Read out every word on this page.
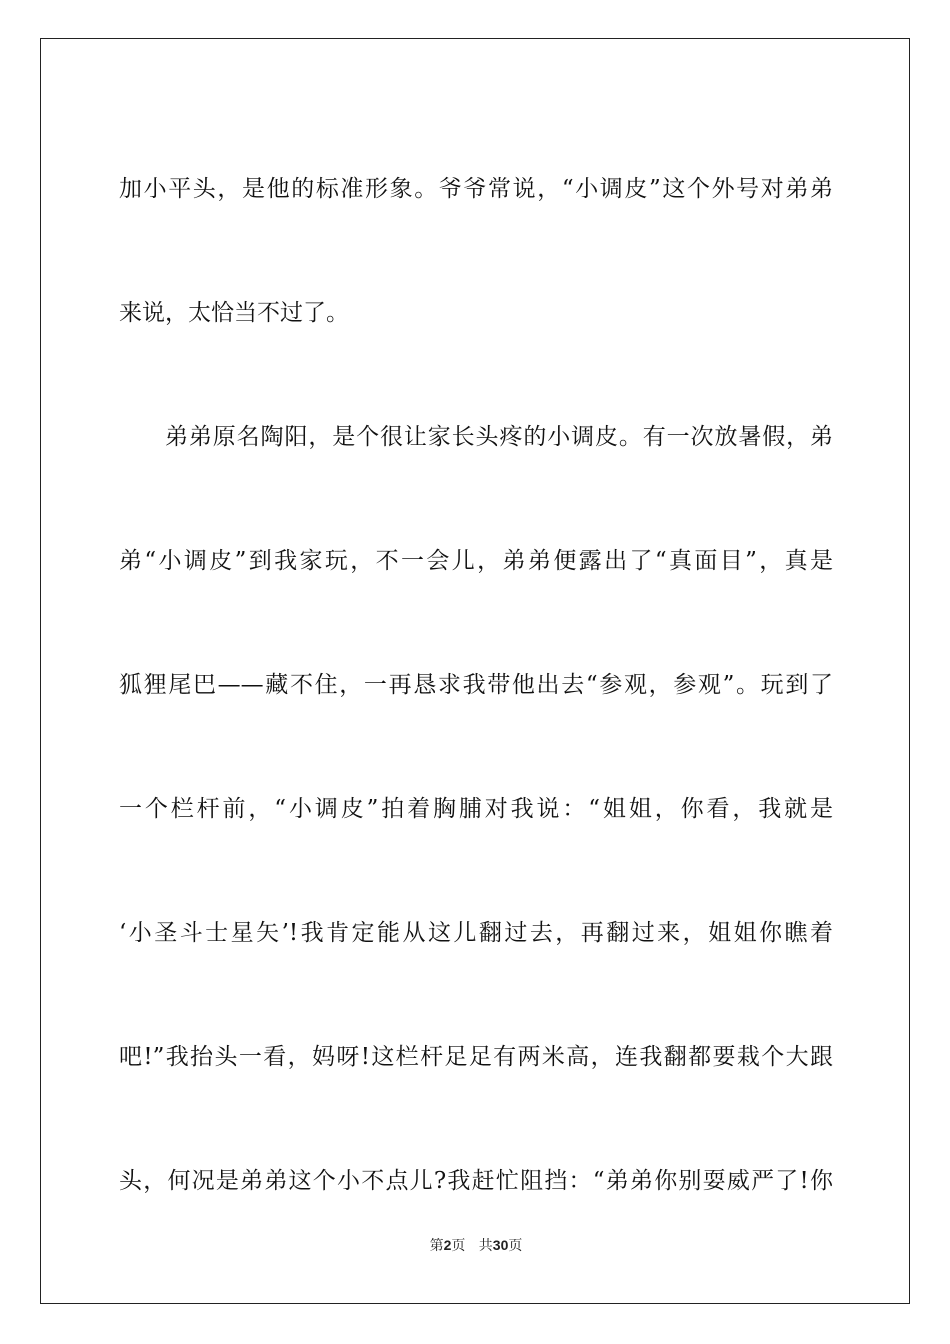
加小平头，是他的标准形象。爷爷常说，“小调皮”这个外号对弟弟
来说，太恰当不过了。
弟弟原名陶阳，是个很让家长头疼的小调皮。有一次放暑假，弟
弟“小调皮”到我家玩，不一会儿，弟弟便露出了“真面目”，真是
狐狸尾巴——藏不住，一再恳求我带他出去“参观，参观”。玩到了
一个栏杆前，“小调皮”拍着胸脯对我说：“姐姐，你看，我就是
‘小圣斗士星矢’!我肯定能从这儿翻过去，再翻过来，姐姐你瞧着
吧!”我抬头一看，妈呀!这栏杆足足有两米高，连我翻都要栽个大跟
头，何况是弟弟这个小不点儿?我赶忙阻挡：“弟弟你别耍威严了!你
第2页 共30页
